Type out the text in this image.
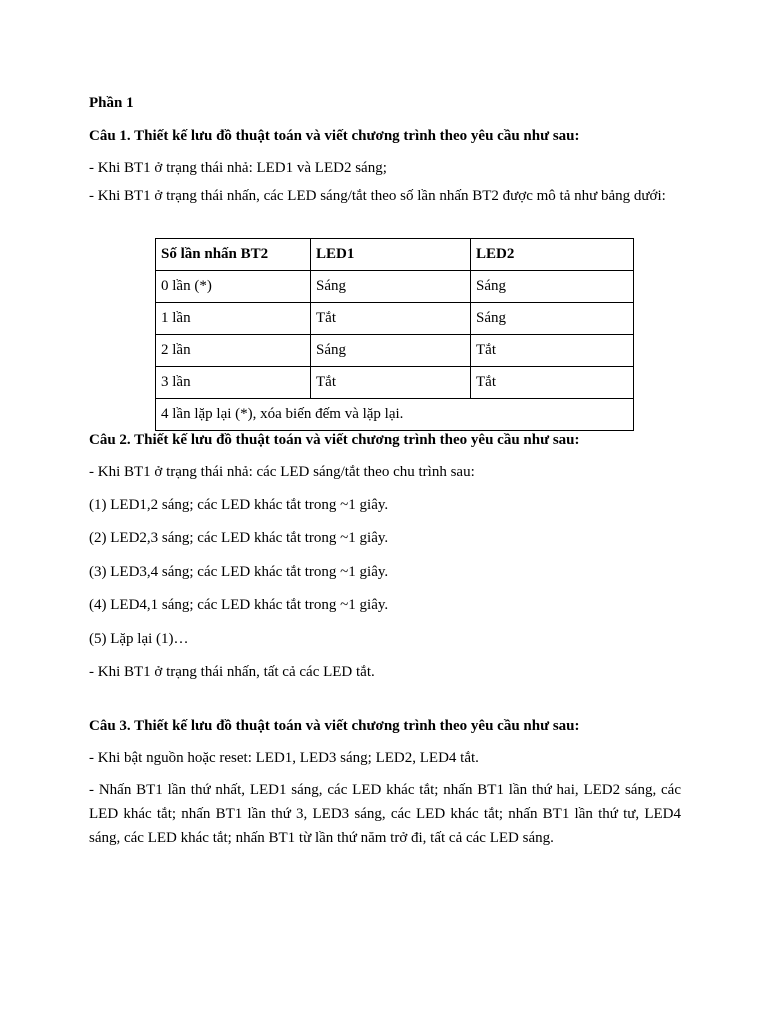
Phần 1
Câu 1. Thiết kế lưu đồ thuật toán và viết chương trình theo yêu cầu như sau:
- Khi BT1 ở trạng thái nhả: LED1 và LED2 sáng;
- Khi BT1 ở trạng thái nhấn, các LED sáng/tắt theo số lần nhấn BT2 được mô tả như bảng dưới:
Số lần nhấn BT2	LED1	LED2
0 lần (*)	Sáng	Sáng
1 lần	Tắt	Sáng
2 lần	Sáng	Tắt
3 lần	Tắt	Tắt
4 lần lặp lại (*), xóa biến đếm và lặp lại.		
Câu 2. Thiết kế lưu đồ thuật toán và viết chương trình theo yêu cầu như sau:
- Khi BT1 ở trạng thái nhả: các LED sáng/tắt theo chu trình sau:
(1) LED1,2 sáng; các LED khác tắt trong ~1 giây.
(2) LED2,3 sáng; các LED khác tắt trong ~1 giây.
(3) LED3,4 sáng; các LED khác tắt trong ~1 giây.
(4) LED4,1 sáng; các LED khác tắt trong ~1 giây.
(5) Lặp lại (1)…
- Khi BT1 ở trạng thái nhấn, tất cả các LED tắt.
Câu 3. Thiết kế lưu đồ thuật toán và viết chương trình theo yêu cầu như sau:
- Khi bật nguồn hoặc reset: LED1, LED3 sáng; LED2, LED4 tắt.
- Nhấn BT1 lần thứ nhất, LED1 sáng, các LED khác tắt; nhấn BT1 lần thứ hai, LED2 sáng, các LED khác tắt; nhấn BT1 lần thứ 3, LED3 sáng, các LED khác tắt; nhấn BT1 lần thứ tư, LED4 sáng, các LED khác tắt; nhấn BT1 từ lần thứ năm trở đi, tất cả các LED sáng.
